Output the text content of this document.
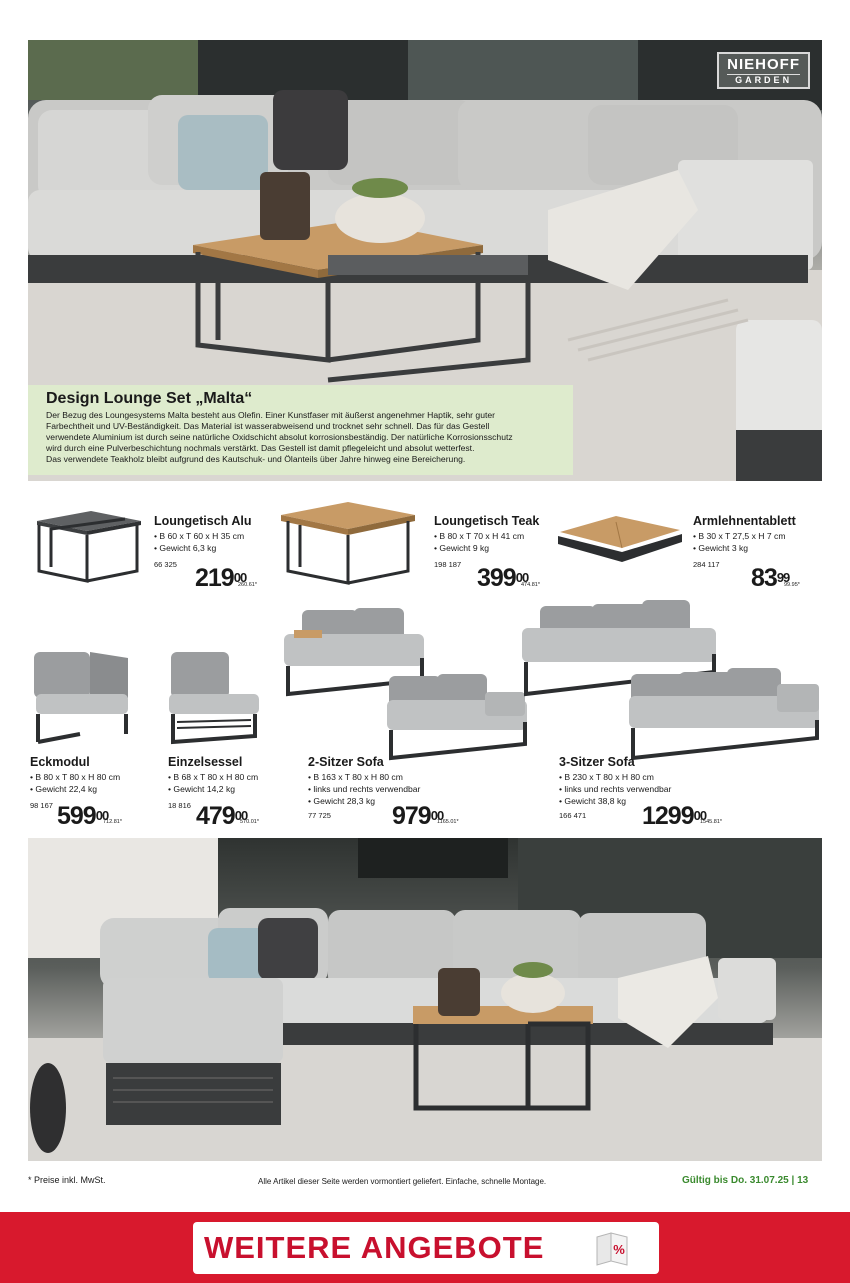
NIEHOFF
GARDEN
Design Lounge Set „Malta“

Der Bezug des Loungesystems Malta besteht aus Olefin. Einer Kunstfaser mit äußerst angenehmer Haptik, sehr guter
Farbechtheit und UV-Beständigkeit. Das Material ist wasserabweisend und trocknet sehr schnell. Das für das Gestell
verwendete Aluminium ist durch seine natürliche Oxidschicht absolut korrosionsbeständig. Der natürliche Korrosionsschutz
wird durch eine Pulverbeschichtung nochmals verstärkt. Das Gestell ist damit pflegeleicht und absolut wetterfest.
Das verwendete Teakholz bleibt aufgrund des Kautschuk- und Ölanteils über Jahre hinweg eine Bereicherung.

Loungetisch Alu
• B 60 x T 60 x H 35 cm
• Gewicht 6,3 kg
66 325 $219^{00}$
260.61*
Loungetisch Teak
• B 80 x T 70 x H 41 cm
• Gewicht 9 kg
198 187 $399^{00}$
474.81*
Armlehnentablett
• B 30 x T 27,5 x H 7 cm
• Gewicht 3 kg
284 117 $83^{99}$
99.95*
Eckmodul
• B 80 x T 80 x H 80 cm
• Gewicht 22,4 kg
98 167 $599^{00}$
712.81*
Einzelsessel
• B 68 x T 80 x H 80 cm
• Gewicht 14,2 kg
18 816 $479^{00}$
570.01*
2-Sitzer Sofa
• B 163 x T 80 x H 80 cm
• links und rechts verwendbar
• Gewicht 28,3 kg
77 725 $979^{00}$
1165.01*
3-Sitzer Sofa
• B 230 x T 80 x H 80 cm
• links und rechts verwendbar
• Gewicht 38,8 kg
166 471 1299$^{00}$
1545.81*
* Preise inkl. MwSt.	Alle Artikel dieser Seite werden vormontiert geliefert. Einfache, schnelle Montage.	Gültig bis Do. 31.07.25 | 13
WEITERE ANGEBOTE	%
